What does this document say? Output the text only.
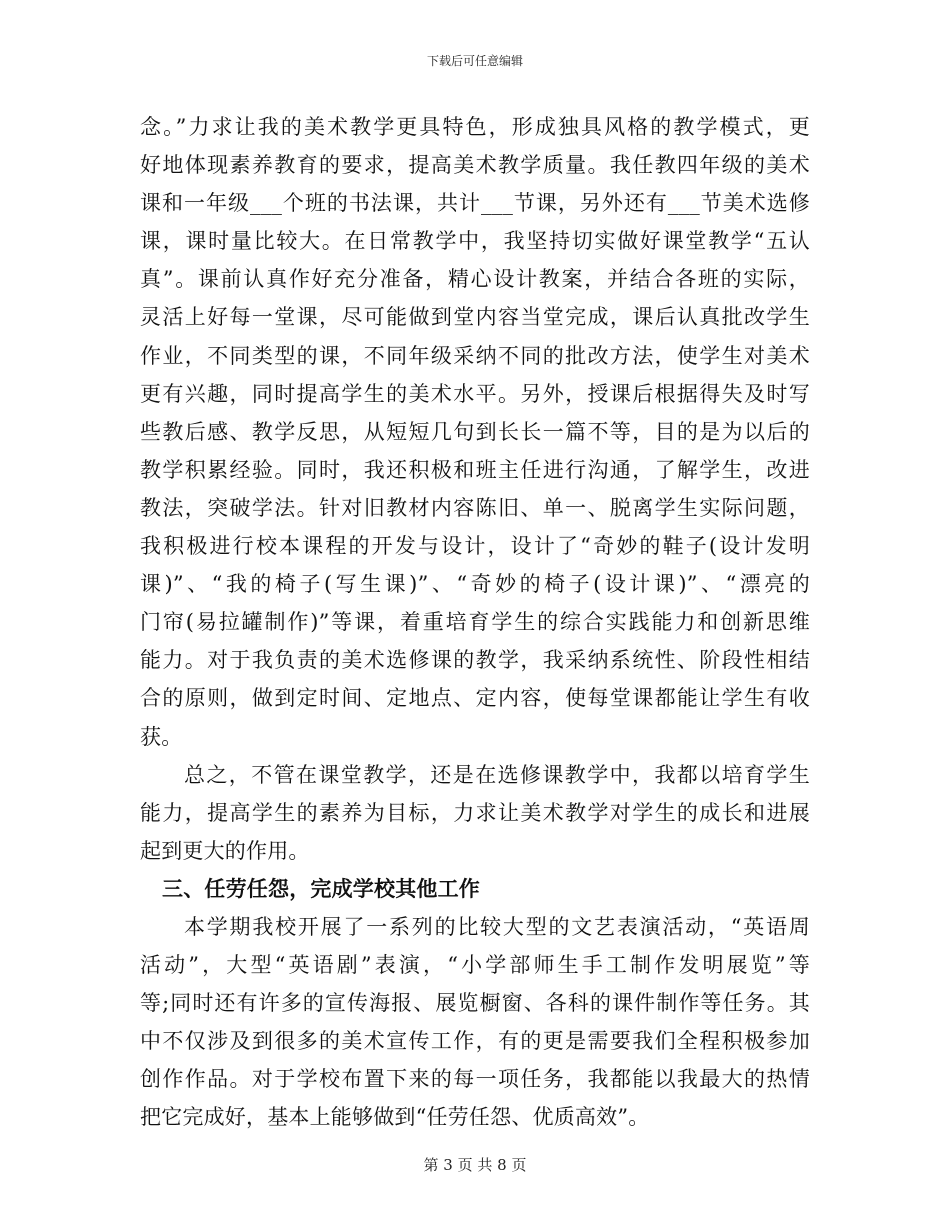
下载后可任意编辑
念。”力求让我的美术教学更具特色，形成独具风格的教学模式，更
好地体现素养教育的要求，提高美术教学质量。我任教四年级的美术
课和一年级___个班的书法课，共计___节课，另外还有___节美术选修
课，课时量比较大。在日常教学中，我坚持切实做好课堂教学“五认
真”。课前认真作好充分准备，精心设计教案，并结合各班的实际，
灵活上好每一堂课，尽可能做到堂内容当堂完成，课后认真批改学生
作业，不同类型的课，不同年级采纳不同的批改方法，使学生对美术
更有兴趣，同时提高学生的美术水平。另外，授课后根据得失及时写
些教后感、教学反思，从短短几句到长长一篇不等，目的是为以后的
教学积累经验。同时，我还积极和班主任进行沟通，了解学生，改进
教法，突破学法。针对旧教材内容陈旧、单一、脱离学生实际问题，
我积极进行校本课程的开发与设计，设计了“奇妙的鞋子(设计发明
课)”、“我的椅子(写生课)”、“奇妙的椅子(设计课)”、“漂亮的
门帘(易拉罐制作)”等课，着重培育学生的综合实践能力和创新思维
能力。对于我负责的美术选修课的教学，我采纳系统性、阶段性相结
合的原则，做到定时间、定地点、定内容，使每堂课都能让学生有收
获。
总之，不管在课堂教学，还是在选修课教学中，我都以培育学生
能力，提高学生的素养为目标，力求让美术教学对学生的成长和进展
起到更大的作用。
三、任劳任怨，完成学校其他工作
本学期我校开展了一系列的比较大型的文艺表演活动，“英语周
活动”，大型“英语剧”表演，“小学部师生手工制作发明展览”等
等;同时还有许多的宣传海报、展览橱窗、各科的课件制作等任务。其
中不仅涉及到很多的美术宣传工作，有的更是需要我们全程积极参加
创作作品。对于学校布置下来的每一项任务，我都能以我最大的热情
把它完成好，基本上能够做到“任劳任怨、优质高效”。
第 3 页 共 8 页
